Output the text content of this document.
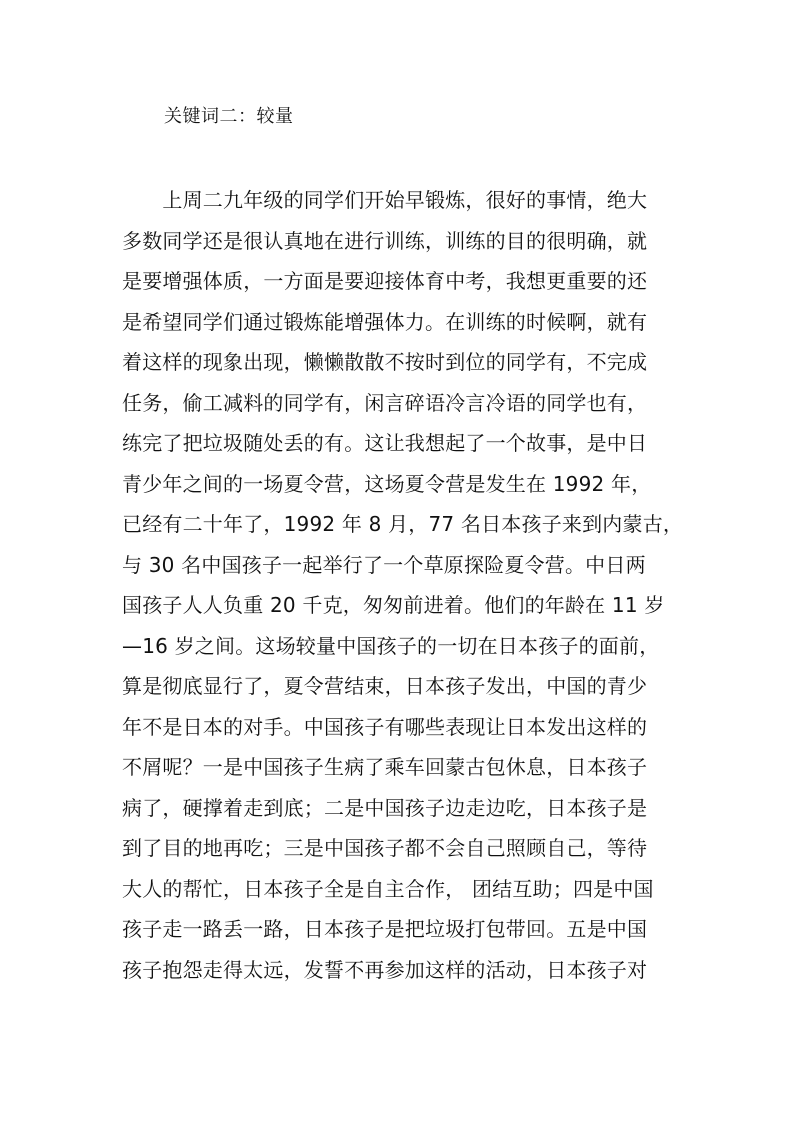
关键词二：较量
　　上周二九年级的同学们开始早锻炼，很好的事情，绝大
多数同学还是很认真地在进行训练，训练的目的很明确，就
是要增强体质，一方面是要迎接体育中考，我想更重要的还
是希望同学们通过锻炼能增强体力。在训练的时候啊，就有
着这样的现象出现，懒懒散散不按时到位的同学有，不完成
任务，偷工减料的同学有，闲言碎语冷言冷语的同学也有，
练完了把垃圾随处丢的有。这让我想起了一个故事，是中日
青少年之间的一场夏令营，这场夏令营是发生在 1992 年，
已经有二十年了，1992 年 8 月，77 名日本孩子来到内蒙古，
与 30 名中国孩子一起举行了一个草原探险夏令营。中日两
国孩子人人负重 20 千克，匆匆前进着。他们的年龄在 11 岁
—16 岁之间。这场较量中国孩子的一切在日本孩子的面前，
算是彻底显行了，夏令营结束，日本孩子发出，中国的青少
年不是日本的对手。中国孩子有哪些表现让日本发出这样的
不屑呢？一是中国孩子生病了乘车回蒙古包休息，日本孩子
病了，硬撑着走到底；二是中国孩子边走边吃，日本孩子是
到了目的地再吃；三是中国孩子都不会自己照顾自己，等待
大人的帮忙，日本孩子全是自主合作， 团结互助；四是中国
孩子走一路丢一路，日本孩子是把垃圾打包带回。五是中国
孩子抱怨走得太远，发誓不再参加这样的活动，日本孩子对
